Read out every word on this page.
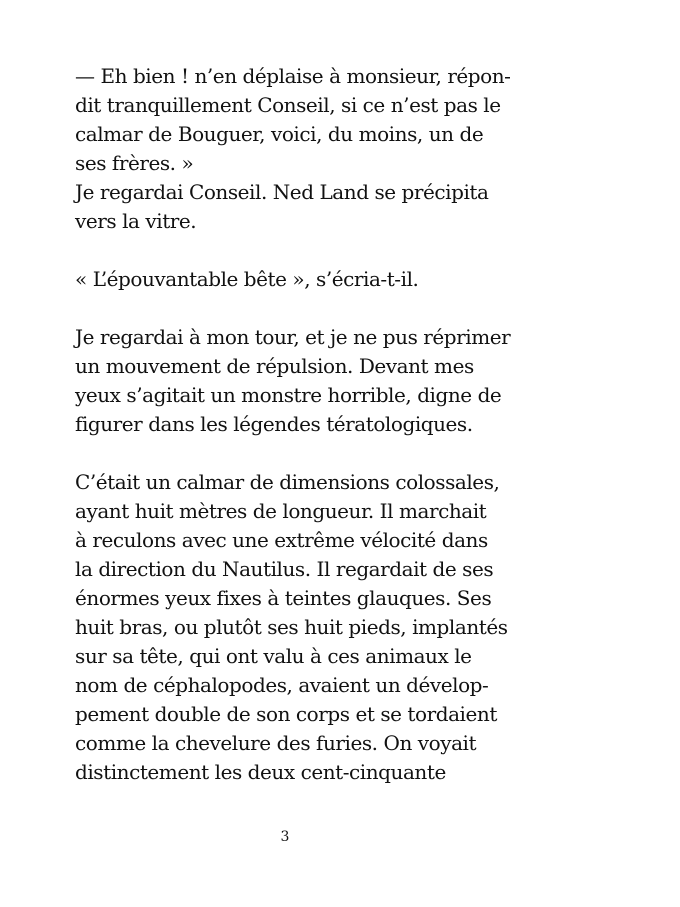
— Eh bien ! n’en déplaise à monsieur, répon-
dit tranquillement Conseil, si ce n’est pas le
calmar de Bouguer, voici, du moins, un de
ses frères. »
Je regardai Conseil. Ned Land se précipita
vers la vitre.
« L’épouvantable bête », s’écria-t-il.
Je regardai à mon tour, et je ne pus réprimer
un mouvement de répulsion. Devant mes
yeux s’agitait un monstre horrible, digne de
figurer dans les légendes tératologiques.
C’était un calmar de dimensions colossales,
ayant huit mètres de longueur. Il marchait
à reculons avec une extrême vélocité dans
la direction du Nautilus. Il regardait de ses
énormes yeux fixes à teintes glauques. Ses
huit bras, ou plutôt ses huit pieds, implantés
sur sa tête, qui ont valu à ces animaux le
nom de céphalopodes, avaient un dévelop-
pement double de son corps et se tordaient
comme la chevelure des furies. On voyait
distinctement les deux cent-cinquante
3
